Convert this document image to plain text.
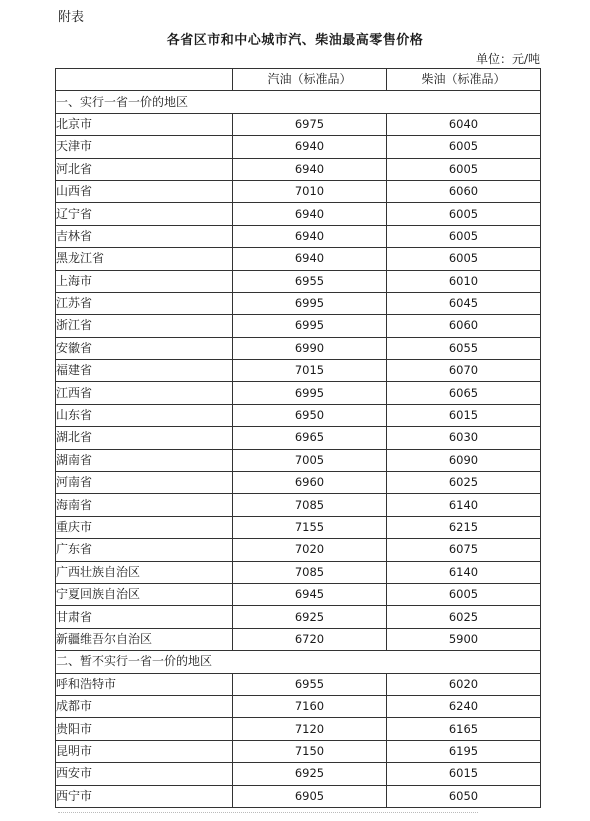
附表
各省区市和中心城市汽、柴油最高零售价格
单位：元/吨
	汽油（标准品）	柴油（标准品）
一、实行一省一价的地区		
北京市	6975	6040
天津市	6940	6005
河北省	6940	6005
山西省	7010	6060
辽宁省	6940	6005
吉林省	6940	6005
黑龙江省	6940	6005
上海市	6955	6010
江苏省	6995	6045
浙江省	6995	6060
安徽省	6990	6055
福建省	7015	6070
江西省	6995	6065
山东省	6950	6015
湖北省	6965	6030
湖南省	7005	6090
河南省	6960	6025
海南省	7085	6140
重庆市	7155	6215
广东省	7020	6075
广西壮族自治区	7085	6140
宁夏回族自治区	6945	6005
甘肃省	6925	6025
新疆维吾尔自治区	6720	5900
二、暂不实行一省一价的地区		
呼和浩特市	6955	6020
成都市	7160	6240
贵阳市	7120	6165
昆明市	7150	6195
西安市	6925	6015
西宁市	6905	6050
